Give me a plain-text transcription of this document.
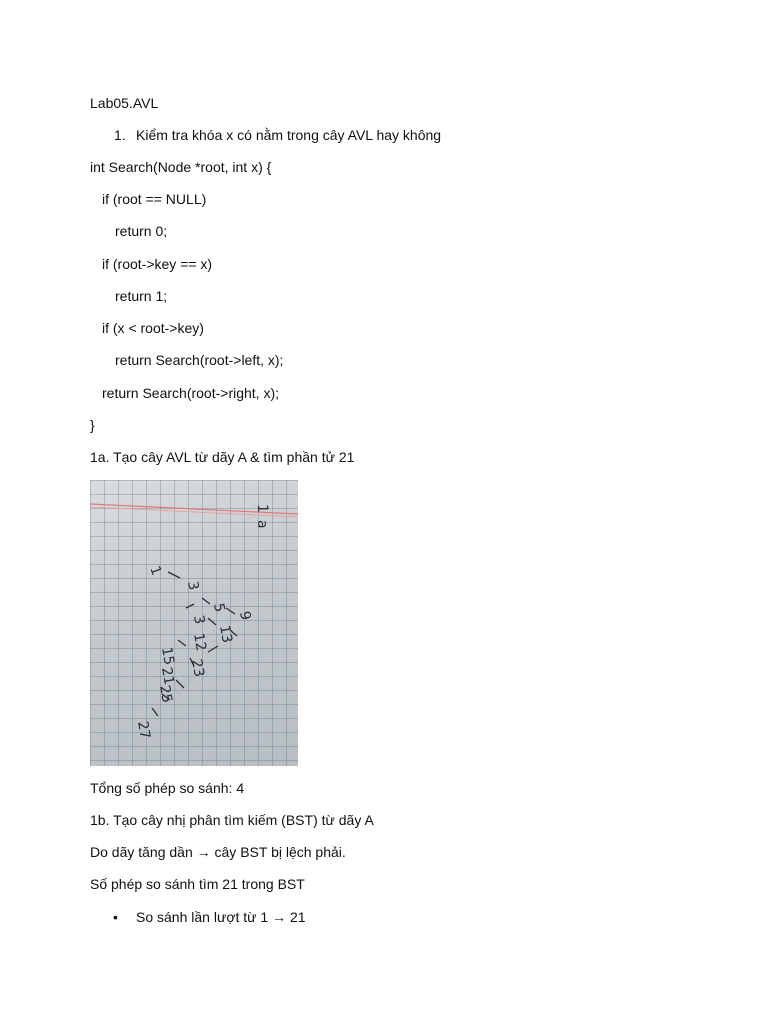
Lab05.AVL
1. Kiểm tra khóa x có nằm trong cây AVL hay không
int Search(Node *root, int x) {
if (root == NULL)
return 0;
if (root->key == x)
return 1;
if (x < root->key)
return Search(root->left, x);
return Search(root->right, x);
}
1a. Tạo cây AVL từ dãy A & tìm phần tử 21
1
a
1
3
5
9
3
12 13
15
21 23
25
27
Tổng số phép so sánh: 4
1b. Tạo cây nhị phân tìm kiếm (BST) từ dãy A
Do dãy tăng dần → cây BST bị lệch phải.
Số phép so sánh tìm 21 trong BST
• So sánh lần lượt từ 1 → 21
